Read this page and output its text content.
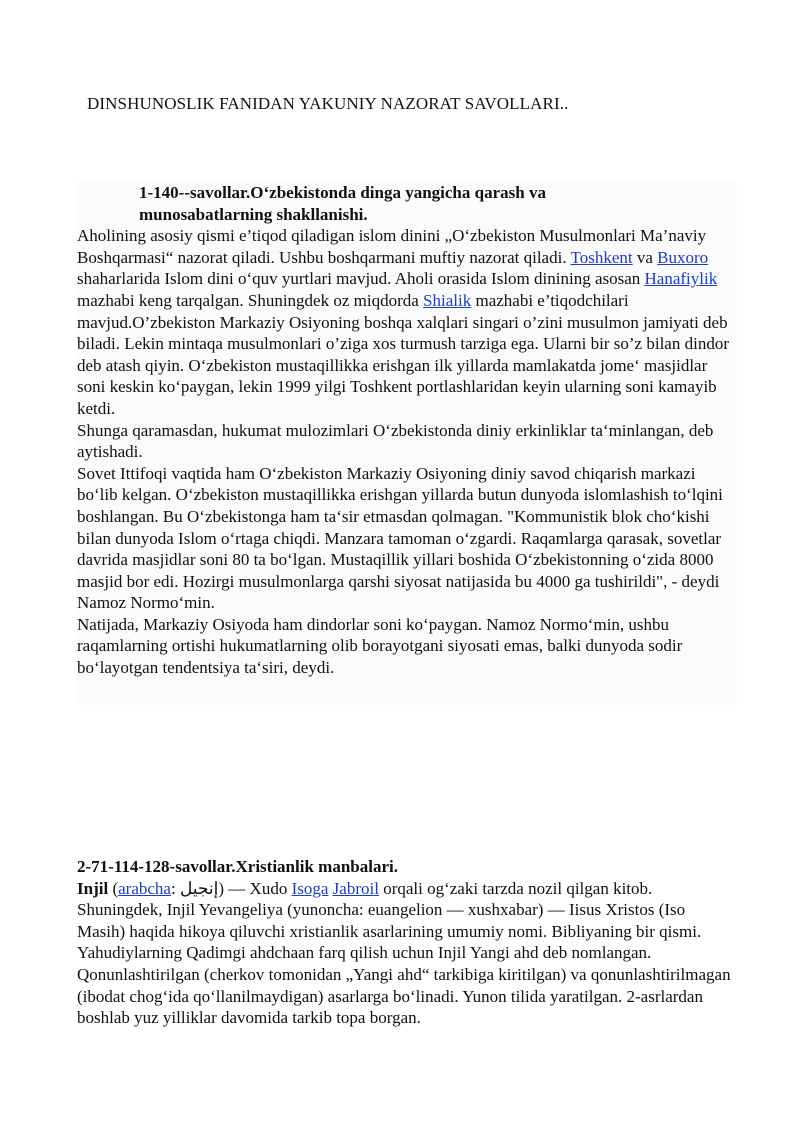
DINSHUNOSLIK FANIDAN YAKUNIY NAZORAT SAVOLLARI..
1-140--savollar.O‘zbekistonda dinga yangicha qarash va
munosabatlarning shakllanishi.

Aholining asosiy qismi e’tiqod qiladigan islom dinini „O‘zbekiston Musulmonlari Ma’naviy Boshqarmasi“ nazorat qiladi. Ushbu boshqarmani muftiy nazorat qiladi. Toshkent va Buxoro shaharlarida Islom dini o‘quv yurtlari mavjud. Aholi orasida Islom dinining asosan Hanafiylik mazhabi keng tarqalgan. Shuningdek oz miqdorda Shialik mazhabi e’tiqodchilari mavjud.O’zbekiston Markaziy Osiyoning boshqa xalqlari singari o’zini musulmon jamiyati deb biladi. Lekin mintaqa musulmonlari o’ziga xos turmush tarziga ega. Ularni bir so’z bilan dindor deb atash qiyin. O‘zbekiston mustaqillikka erishgan ilk yillarda mamlakatda jome‘ masjidlar soni keskin ko‘paygan, lekin 1999 yilgi Toshkent portlashlaridan keyin ularning soni kamayib ketdi.

Shunga qaramasdan, hukumat mulozimlari O‘zbekistonda diniy erkinliklar ta‘minlangan, deb aytishadi.

Sovet Ittifoqi vaqtida ham O‘zbekiston Markaziy Osiyoning diniy savod chiqarish markazi bo‘lib kelgan. O‘zbekiston mustaqillikka erishgan yillarda butun dunyoda islomlashish to‘lqini boshlangan. Bu O‘zbekistonga ham ta‘sir etmasdan qolmagan. "Kommunistik blok cho‘kishi bilan dunyoda Islom o‘rtaga chiqdi. Manzara tamoman o‘zgardi. Raqamlarga qarasak, sovetlar davrida masjidlar soni 80 ta bo‘lgan. Mustaqillik yillari boshida O‘zbekistonning o‘zida 8000 masjid bor edi. Hozirgi musulmonlarga qarshi siyosat natijasida bu 4000 ga tushirildi", - deydi Namoz Normo‘min.

Natijada, Markaziy Osiyoda ham dindorlar soni ko‘paygan. Namoz Normo‘min, ushbu raqamlarning ortishi hukumatlarning olib borayotgani siyosati emas, balki dunyoda sodir bo‘layotgan tendentsiya ta‘siri, deydi.

2-71-114-128-savollar.Xristianlik manbalari.

Injil (arabcha: إنجيل) — Xudo Isoga Jabroil orqali og‘zaki tarzda nozil qilgan kitob. Shuningdek, Injil Yevangeliya (yunoncha: euangelion — xushxabar) — Iisus Xristos (Iso Masih) haqida hikoya qiluvchi xristianlik asarlarining umumiy nomi. Bibliyaning bir qismi. Yahudiylarning Qadimgi ahdchaan farq qilish uchun Injil Yangi ahd deb nomlangan. Qonunlashtirilgan (cherkov tomonidan „Yangi ahd“ tarkibiga kiritilgan) va qonunlashtirilmagan (ibodat chog‘ida qo‘llanilmaydigan) asarlarga bo‘linadi. Yunon tilida yaratilgan. 2-asrlardan boshlab yuz yilliklar davomida tarkib topa borgan.
